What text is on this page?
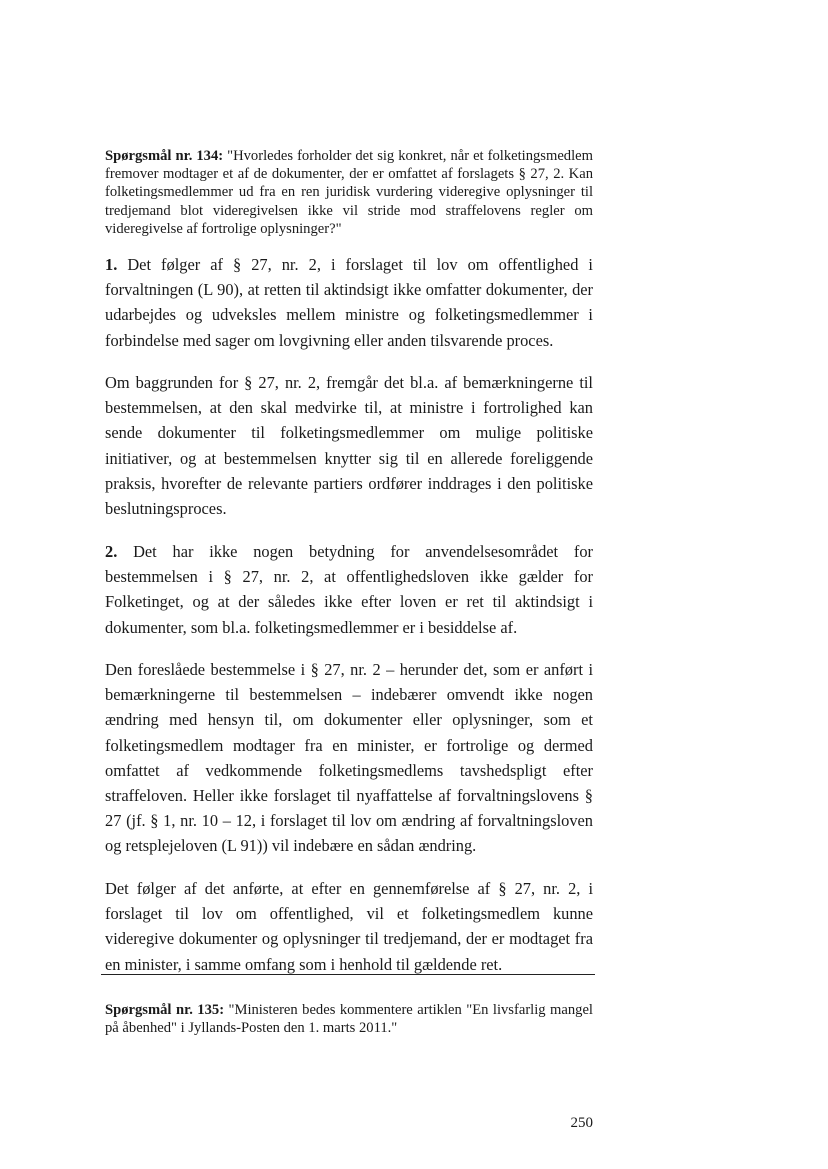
Spørgsmål nr. 134: "Hvorledes forholder det sig konkret, når et folketingsmedlem fremover modtager et af de dokumenter, der er omfattet af forslagets § 27, 2. Kan folketingsmedlemmer ud fra en ren juridisk vurdering videregive oplysninger til tredjemand blot videregivelsen ikke vil stride mod straffelovens regler om videregivelse af fortrolige oplysninger?"

1. Det følger af § 27, nr. 2, i forslaget til lov om offentlighed i forvaltningen (L 90), at retten til aktindsigt ikke omfatter dokumenter, der udarbejdes og udveksles mellem ministre og folketingsmedlemmer i forbindelse med sager om lovgivning eller anden tilsvarende proces.

Om baggrunden for § 27, nr. 2, fremgår det bl.a. af bemærkningerne til bestemmelsen, at den skal medvirke til, at ministre i fortrolighed kan sende dokumenter til folketingsmedlemmer om mulige politiske initiativer, og at bestemmelsen knytter sig til en allerede foreliggende praksis, hvorefter de relevante partiers ordfører inddrages i den politiske beslutningsproces.

2. Det har ikke nogen betydning for anvendelsesområdet for bestemmelsen i § 27, nr. 2, at offentlighedsloven ikke gælder for Folketinget, og at der således ikke efter loven er ret til aktindsigt i dokumenter, som bl.a. folketingsmedlemmer er i besiddelse af.

Den foreslåede bestemmelse i § 27, nr. 2 – herunder det, som er anført i bemærkningerne til bestemmelsen – indebærer omvendt ikke nogen ændring med hensyn til, om dokumenter eller oplysninger, som et folketingsmedlem modtager fra en minister, er fortrolige og dermed omfattet af vedkommende folketingsmedlems tavshedspligt efter straffeloven. Heller ikke forslaget til nyaffattelse af forvaltningslovens § 27 (jf. § 1, nr. 10 – 12, i forslaget til lov om ændring af forvaltningsloven og retsplejeloven (L 91)) vil indebære en sådan ændring.

Det følger af det anførte, at efter en gennemførelse af § 27, nr. 2, i forslaget til lov om offentlighed, vil et folketingsmedlem kunne videregive dokumenter og oplysninger til tredjemand, der er modtaget fra en minister, i samme omfang som i henhold til gældende ret.

Spørgsmål nr. 135: "Ministeren bedes kommentere artiklen "En livsfarlig mangel på åbenhed" i Jyllands-Posten den 1. marts 2011."

250
